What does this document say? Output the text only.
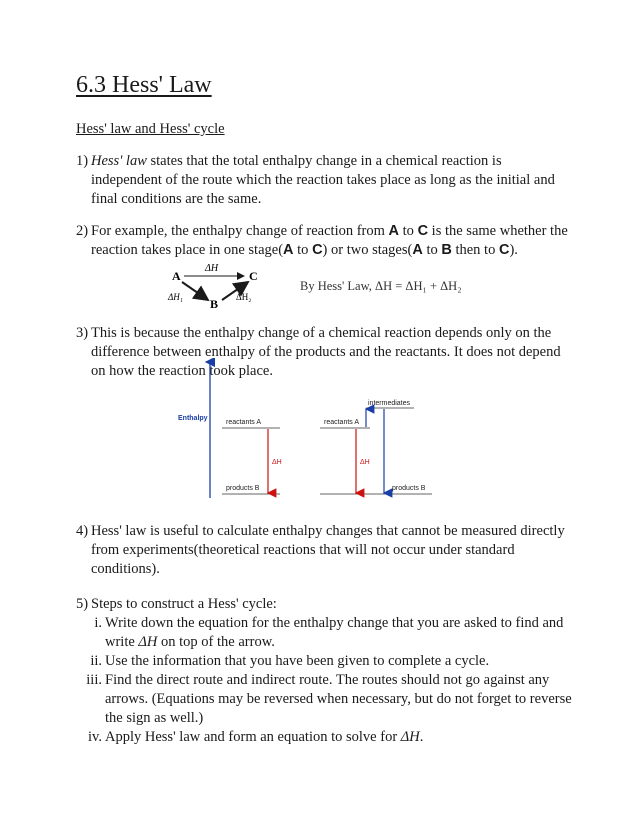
6.3 Hess' Law
Hess' law and Hess' cycle
1) Hess' law states that the total enthalpy change in a chemical reaction is independent of the route which the reaction takes place as long as the initial and final conditions are the same.
2) For example, the enthalpy change of reaction from A to C is the same whether the reaction takes place in one stage(A to C) or two stages(A to B then to C).
A	C
B
ΔH
ΔH₁	ΔH₂
By Hess' Law, ΔH = ΔH₁ + ΔH₂
3) This is because the enthalpy change of a chemical reaction depends only on the difference between enthalpy of the products and the reactants. It does not depend on how the reaction took place.
Enthalpy
reactants A
products B
ΔH
reactants A
intermediates
products B
ΔH
4) Hess' law is useful to calculate enthalpy changes that cannot be measured directly from experiments(theoretical reactions that will not occur under standard conditions).
5) Steps to construct a Hess' cycle:
i. Write down the equation for the enthalpy change that you are asked to find and write ΔH on top of the arrow.
ii. Use the information that you have been given to complete a cycle.
iii. Find the direct route and indirect route. The routes should not go against any arrows. (Equations may be reversed when necessary, but do not forget to reverse the sign as well.)
iv. Apply Hess' law and form an equation to solve for ΔH.
